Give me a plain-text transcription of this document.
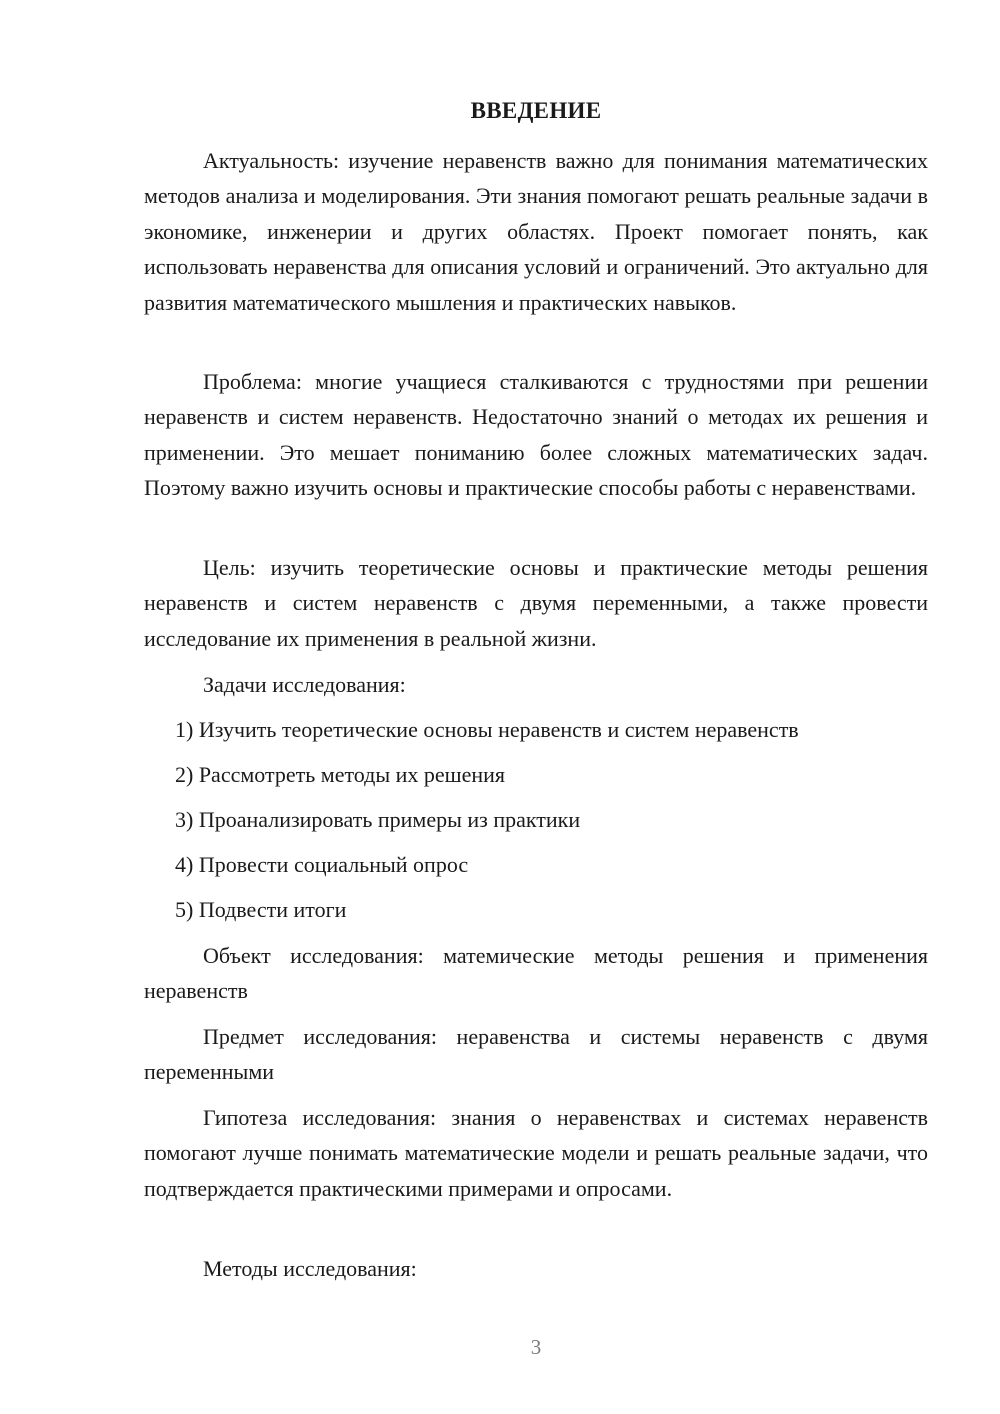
ВВЕДЕНИЕ

Актуальность: изучение неравенств важно для понимания математических методов анализа и моделирования. Эти знания помогают решать реальные задачи в экономике, инженерии и других областях. Проект помогает понять, как использовать неравенства для описания условий и ограничений. Это актуально для развития математического мышления и практических навыков.

Проблема: многие учащиеся сталкиваются с трудностями при решении неравенств и систем неравенств. Недостаточно знаний о методах их решения и применении. Это мешает пониманию более сложных математических задач. Поэтому важно изучить основы и практические способы работы с неравенствами.

Цель: изучить теоретические основы и практические методы решения неравенств и систем неравенств с двумя переменными, а также провести исследование их применения в реальной жизни.

Задачи исследования:

1) Изучить теоретические основы неравенств и систем неравенств

2) Рассмотреть методы их решения

3) Проанализировать примеры из практики

4) Провести социальный опрос

5) Подвести итоги

Объект исследования: матемические методы решения и применения неравенств

Предмет исследования: неравенства и системы неравенств с двумя переменными

Гипотеза исследования: знания о неравенствах и системах неравенств помогают лучше понимать математические модели и решать реальные задачи, что подтверждается практическими примерами и опросами.

Методы исследования:

3
